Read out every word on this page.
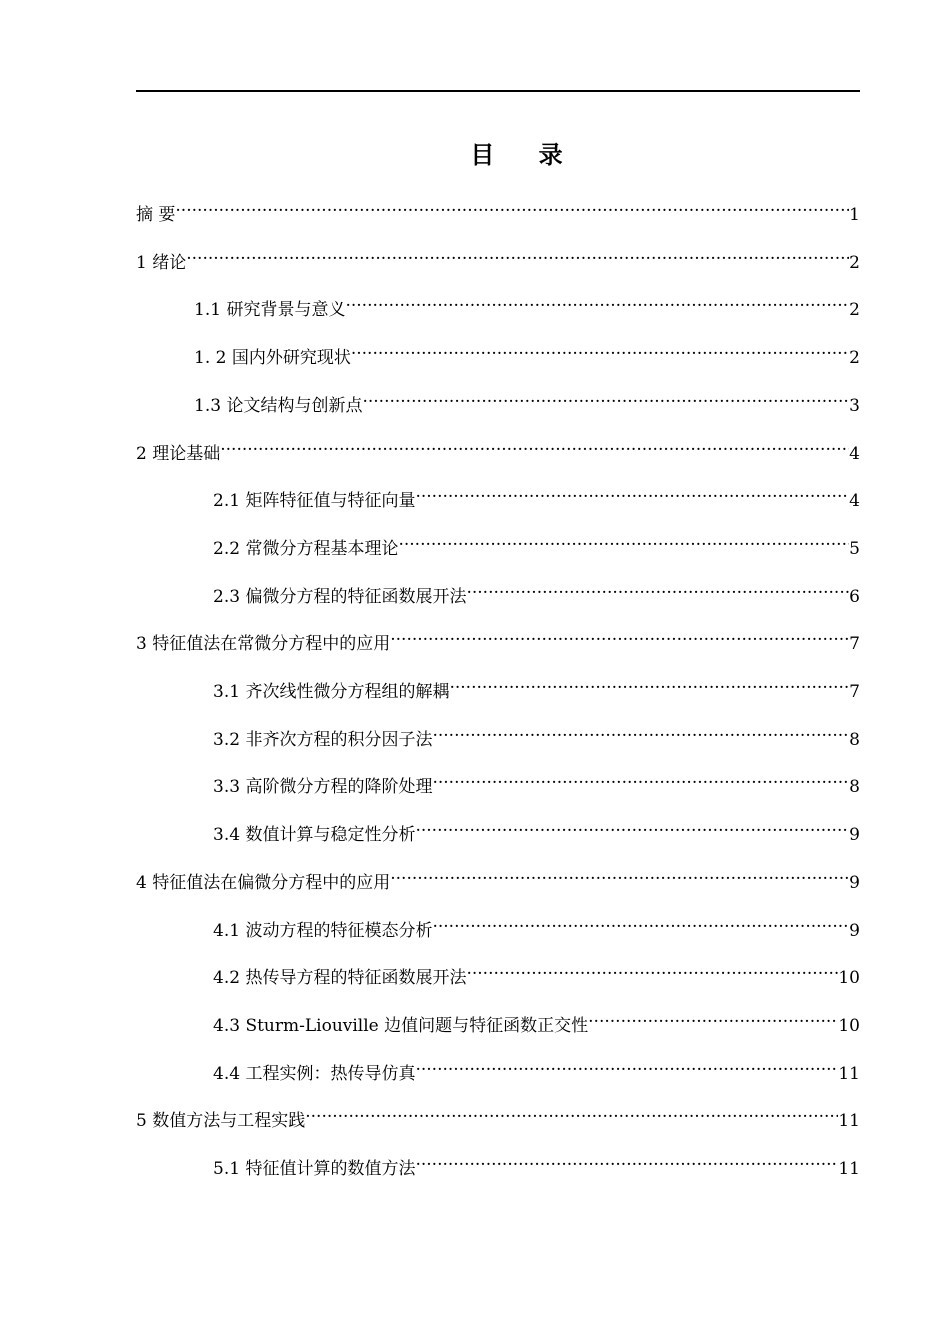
目 录
摘 要 .....	1
1 绪论 .....	2
1.1 研究背景与意义 .....	2
1. 2 国内外研究现状 .....	2
1.3 论文结构与创新点 .....	3
2 理论基础 .....	4
2.1 矩阵特征值与特征向量 .....	4
2.2 常微分方程基本理论 .....	5
2.3 偏微分方程的特征函数展开法 .....	6
3 特征值法在常微分方程中的应用 .....	7
3.1 齐次线性微分方程组的解耦 .....	7
3.2 非齐次方程的积分因子法 .....	8
3.3 高阶微分方程的降阶处理 .....	8
3.4 数值计算与稳定性分析 .....	9
4 特征值法在偏微分方程中的应用 .....	9
4.1 波动方程的特征模态分析 .....	9
4.2 热传导方程的特征函数展开法 .....	10
4.3 Sturm-Liouville 边值问题与特征函数正交性 .....	10
4.4 工程实例：热传导仿真 .....	11
5 数值方法与工程实践 .....	11
5.1 特征值计算的数值方法 .....	11
